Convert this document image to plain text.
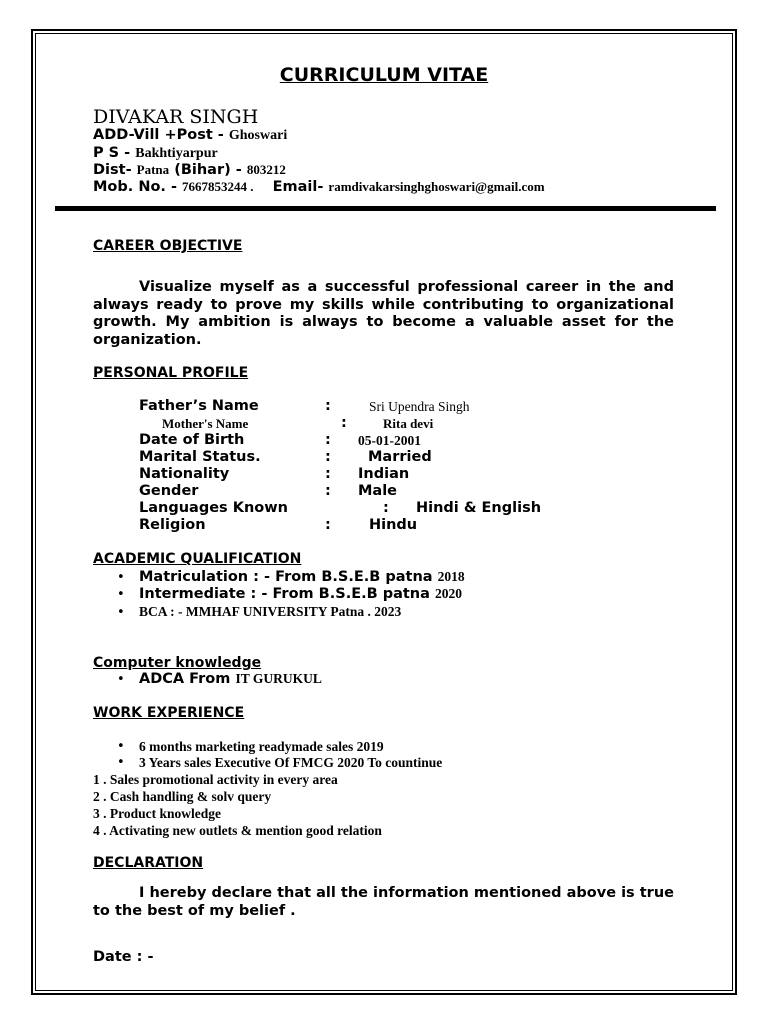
CURRICULUM VITAE
DIVAKAR SINGH
ADD-Vill +Post - Ghoswari
P S - Bakhtiyarpur
Dist- Patna (Bihar) - 803212
Mob. No. - 7667853244 . Email- ramdivakarsinghghoswari@gmail.com
CAREER OBJECTIVE
Visualize myself as a successful professional career in the and always ready to prove my skills while contributing to organizational growth. My ambition is always to become a valuable asset for the organization.
PERSONAL PROFILE
Father’s Name	:	Sri Upendra Singh
Mother's Name	:	Rita devi
Date of Birth	: 05-01-2001
Marital Status.	:	Married
Nationality	: Indian
Gender	: Male
Languages Known	: Hindi & English
Religion	:	Hindu
ACADEMIC QUALIFICATION
• Matriculation : - From B.S.E.B patna 2018
• Intermediate : - From B.S.E.B patna 2020
• BCA : - MMHAF UNIVERSITY Patna . 2023
Computer knowledge
• ADCA From IT GURUKUL
WORK EXPERIENCE
• 6 months marketing readymade sales 2019
• 3 Years sales Executive Of FMCG 2020 To countinue
1 . Sales promotional activity in every area
2 . Cash handling & solv query
3 . Product knowledge
4 . Activating new outlets & mention good relation
DECLARATION
I hereby declare that all the information mentioned above is true to the best of my belief .
Date : -
